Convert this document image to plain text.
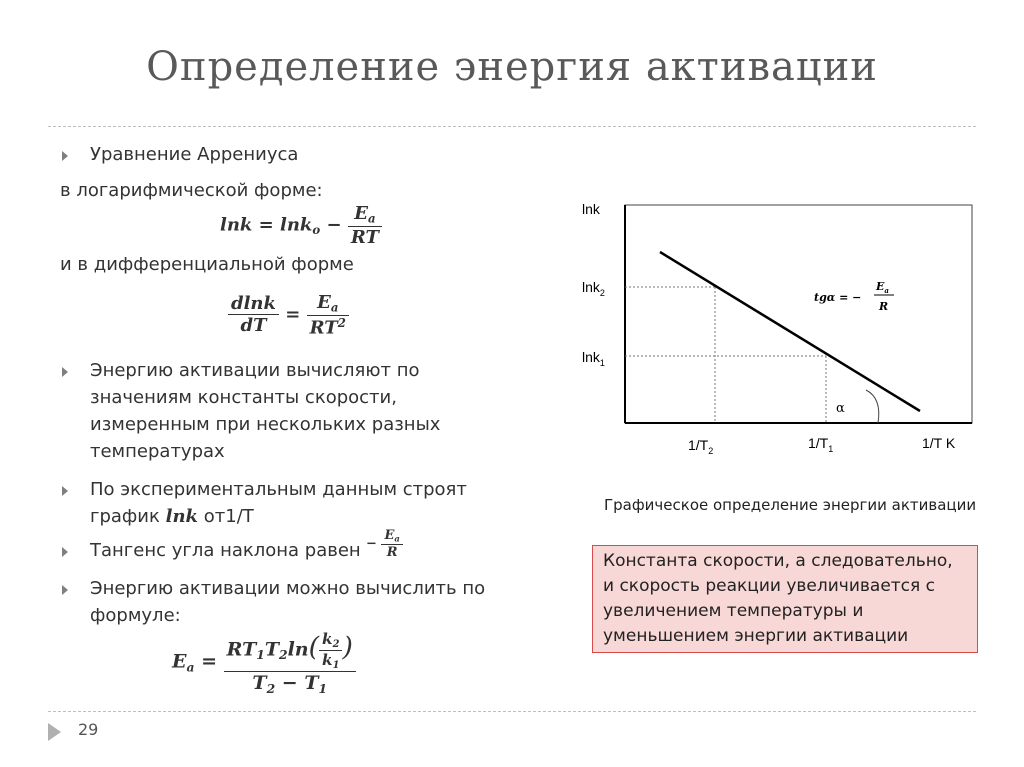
Определение энергия активации
Уравнение Аррениуса
в логарифмической форме:
lnk = lnko − $\frac{Ea}{RT}$
и в дифференциальной форме
$\frac{dlnk}{dT} = \frac{Ea}{RT^2}$
Энергию активации вычисляют по
значениям константы скорости,
измеренным при нескольких разных
температурах
По экспериментальным данным строят
график lnk от1/T
Тангенс угла наклона равен − $\frac{Ea}{R}$
Энергию активации можно вычислить по
формуле:
$Ea = \frac{RT1T2\ln( \frac{k2}{k1} )}{T2 - T1}$
lnk
lnk$_2$
lnk$_1$
$1/T_2$	$1/T_1$	1/T K
α
tgα = −
$E_a$
R
Графическое определение энергии активации
Константа скорости, а следовательно, и скорость реакции увеличивается с увеличением температуры и уменьшением энергии активации
29
